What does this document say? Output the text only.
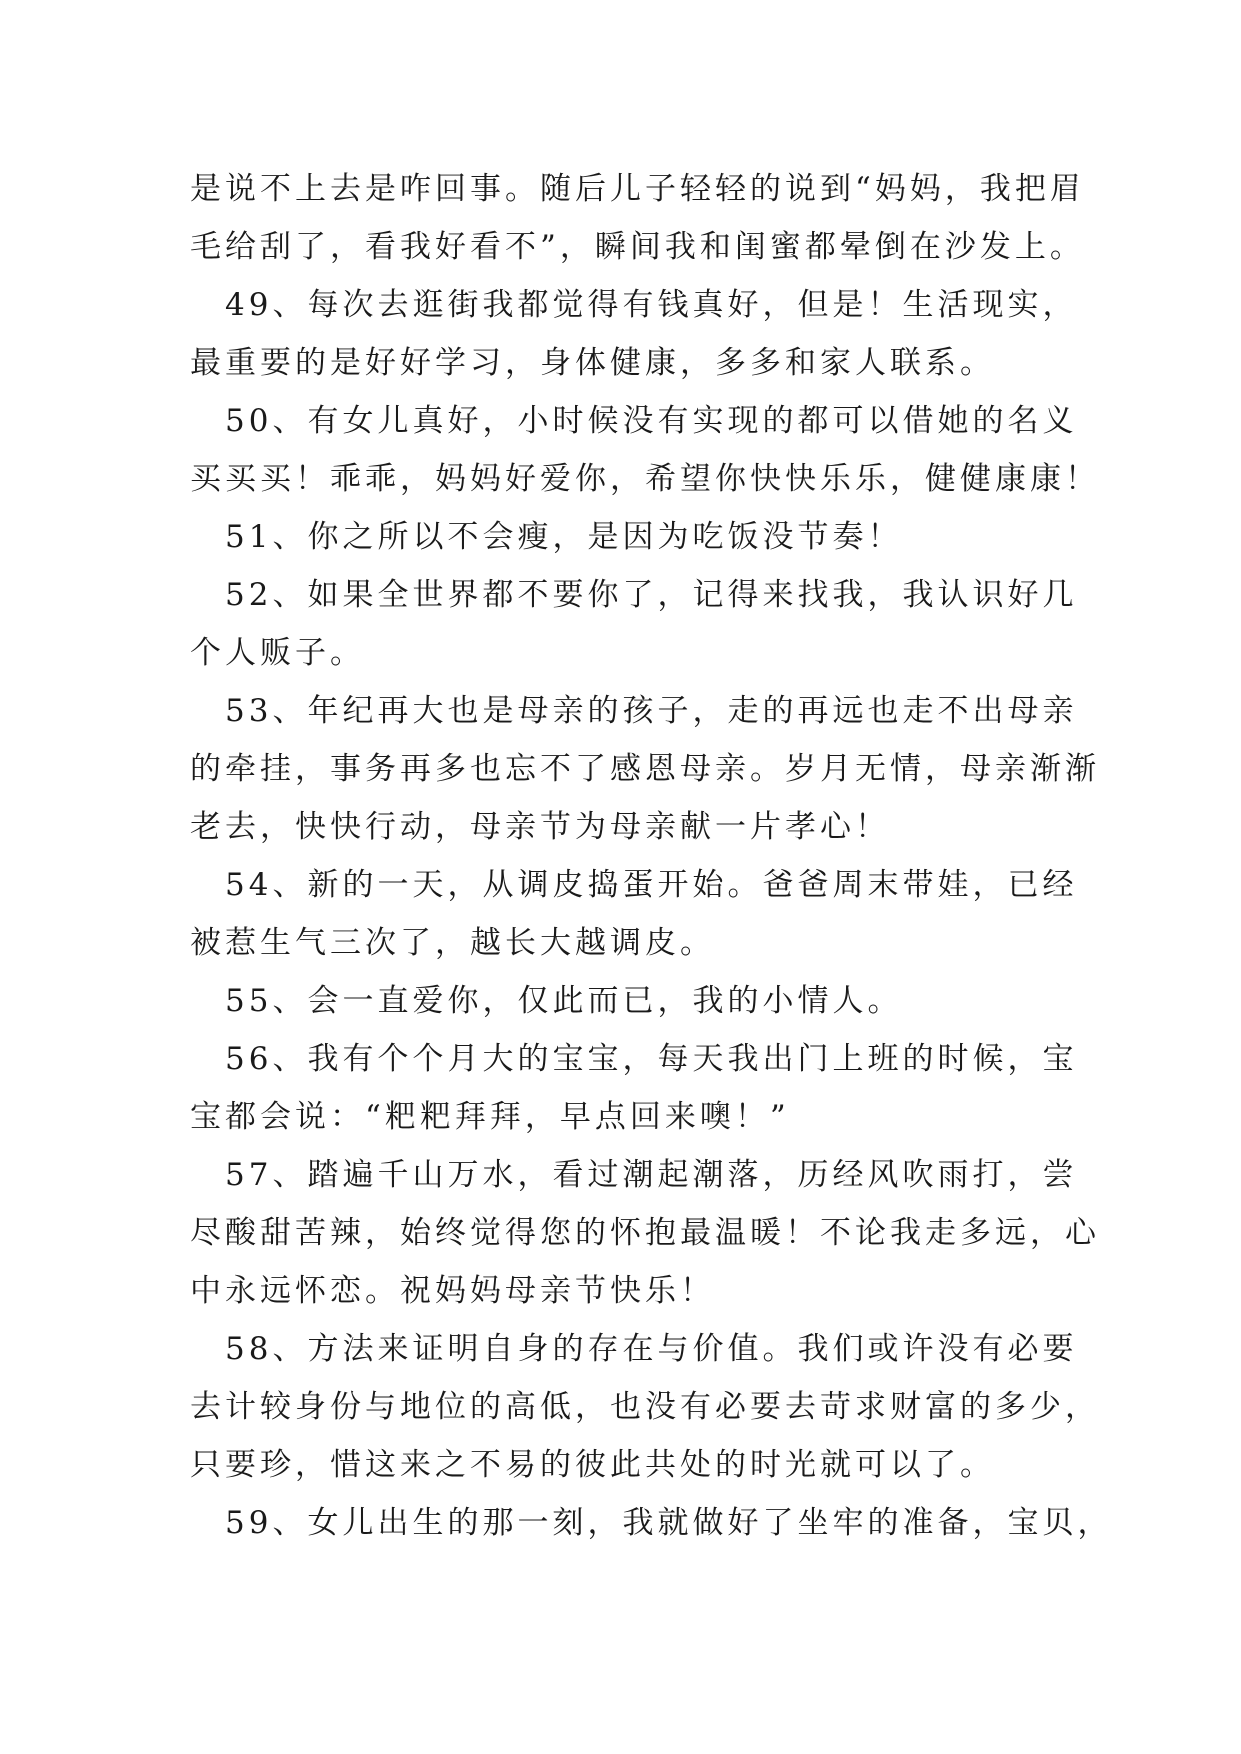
是说不上去是咋回事。随后儿子轻轻的说到“妈妈，我把眉
毛给刮了，看我好看不”，瞬间我和闺蜜都晕倒在沙发上。
　49、每次去逛街我都觉得有钱真好，但是！生活现实，
最重要的是好好学习，身体健康，多多和家人联系。
　50、有女儿真好，小时候没有实现的都可以借她的名义
买买买！乖乖，妈妈好爱你，希望你快快乐乐，健健康康！
　51、你之所以不会瘦，是因为吃饭没节奏！
　52、如果全世界都不要你了，记得来找我，我认识好几
个人贩子。
　53、年纪再大也是母亲的孩子，走的再远也走不出母亲
的牵挂，事务再多也忘不了感恩母亲。岁月无情，母亲渐渐
老去，快快行动，母亲节为母亲献一片孝心！
　54、新的一天，从调皮捣蛋开始。爸爸周末带娃，已经
被惹生气三次了，越长大越调皮。
　55、会一直爱你，仅此而已，我的小情人。
　56、我有个个月大的宝宝，每天我出门上班的时候，宝
宝都会说：“粑粑拜拜，早点回来噢！”
　57、踏遍千山万水，看过潮起潮落，历经风吹雨打，尝
尽酸甜苦辣，始终觉得您的怀抱最温暖！不论我走多远，心
中永远怀恋。祝妈妈母亲节快乐！
　58、方法来证明自身的存在与价值。我们或许没有必要
去计较身份与地位的高低，也没有必要去苛求财富的多少，
只要珍，惜这来之不易的彼此共处的时光就可以了。
　59、女儿出生的那一刻，我就做好了坐牢的准备，宝贝，
